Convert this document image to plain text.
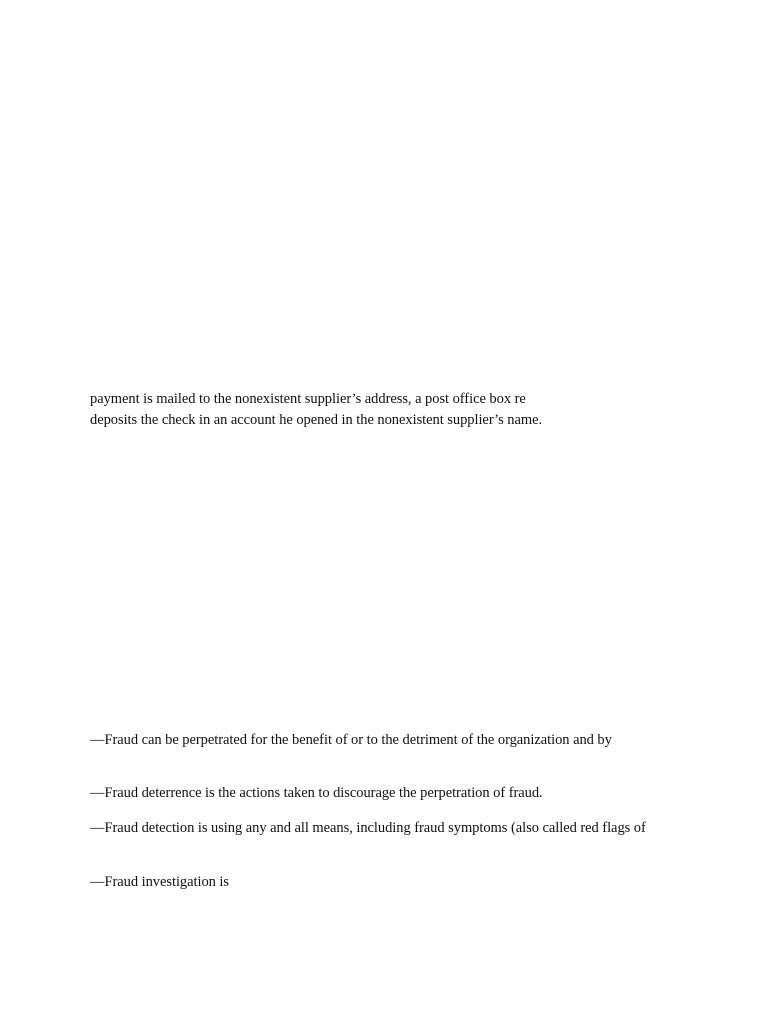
payment is mailed to the nonexistent supplier’s address, a post office box re
deposits the check in an account he opened in the nonexistent supplier’s name.
—Fraud can be perpetrated for the benefit of or to the detriment of the organization and by
—Fraud deterrence is the actions taken to discourage the perpetration of fraud.
—Fraud detection is using any and all means, including fraud symptoms (also called red flags of
—Fraud investigation is
